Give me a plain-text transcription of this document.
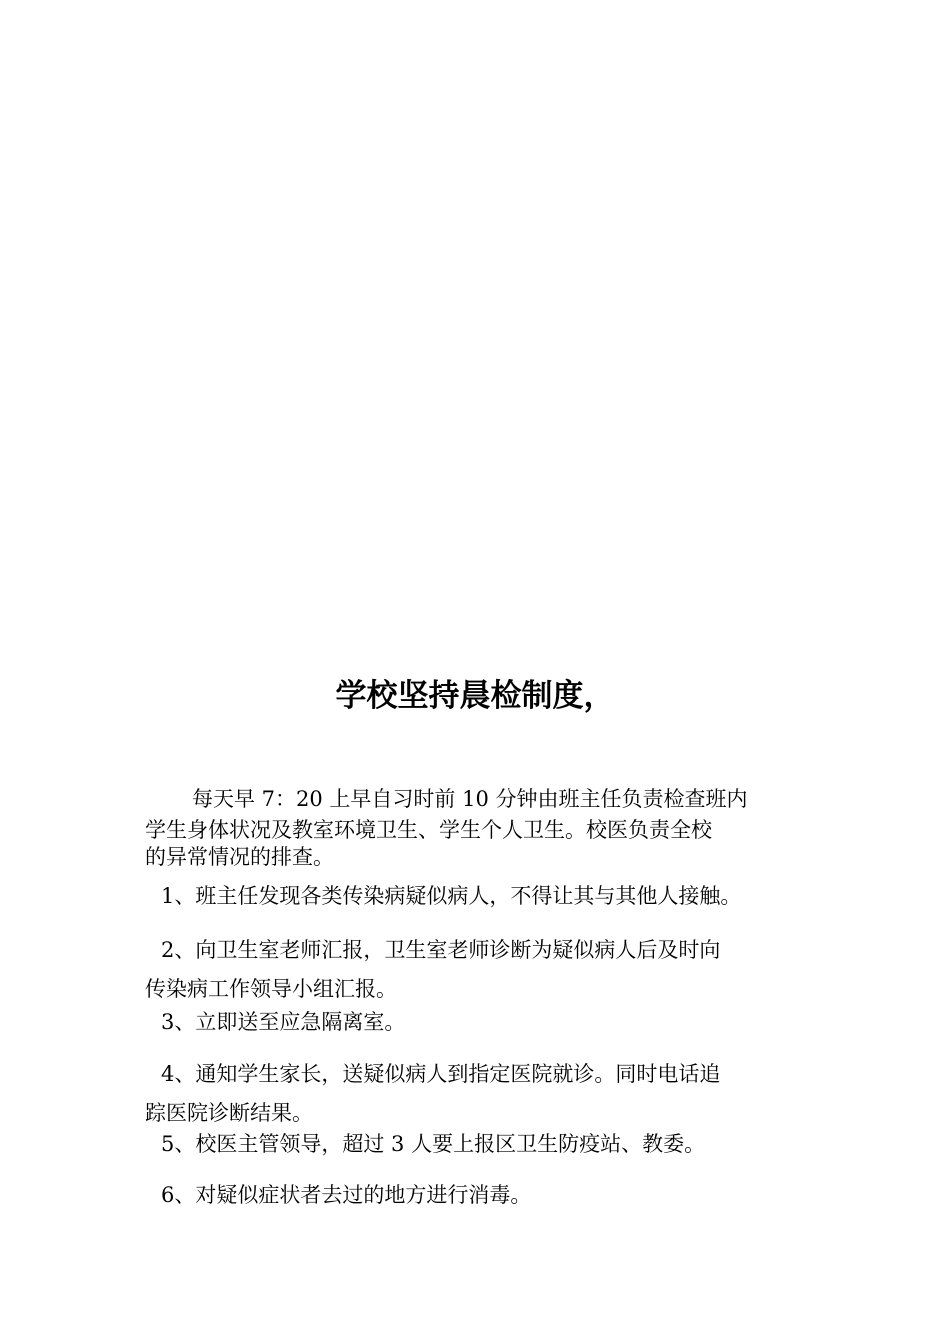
学校坚持晨检制度，
每天早 7：20 上早自习时前 10 分钟由班主任负责检查班内
学生身体状况及教室环境卫生、学生个人卫生。校医负责全校
的异常情况的排查。
1、班主任发现各类传染病疑似病人，不得让其与其他人接触。
2、向卫生室老师汇报，卫生室老师诊断为疑似病人后及时向
传染病工作领导小组汇报。
3、立即送至应急隔离室。
4、通知学生家长，送疑似病人到指定医院就诊。同时电话追
踪医院诊断结果。
5、校医主管领导，超过 3 人要上报区卫生防疫站、教委。
6、对疑似症状者去过的地方进行消毒。
